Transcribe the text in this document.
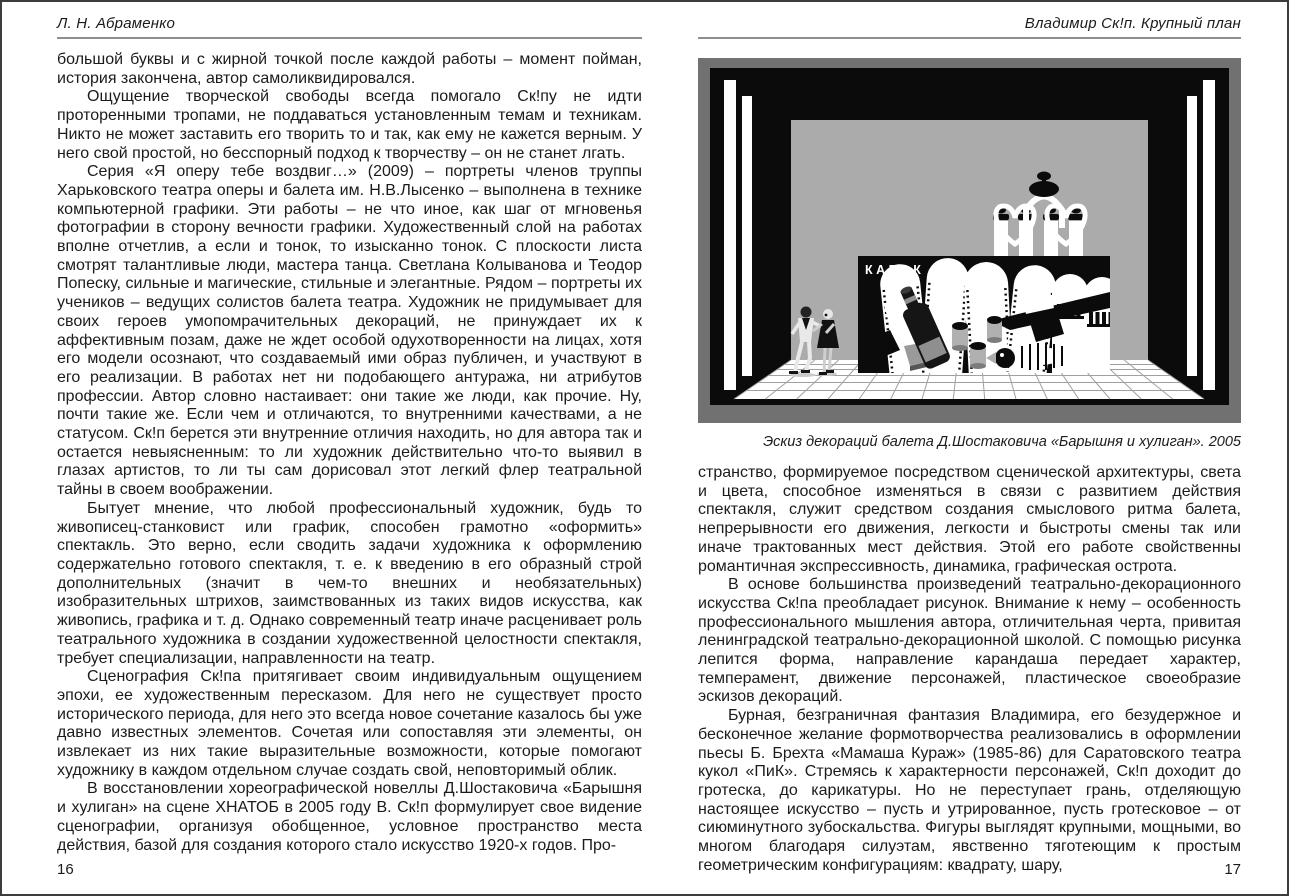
Л. Н. Абраменко

большой буквы и с жирной точкой после каждой работы – момент пойман, история закончена, автор самоликвидировался.

Ощущение творческой свободы всегда помогало Ск!пу не идти проторенными тропами, не поддаваться установленным темам и техникам. Никто не может заставить его творить то и так, как ему не кажется верным. У него свой простой, но бесспорный подход к творчеству – он не станет лгать.

Серия «Я оперу тебе воздвиг…» (2009) – портреты членов труппы Харьковского театра оперы и балета им. Н.В.Лысенко – выполнена в технике компьютерной графики. Эти работы – не что иное, как шаг от мгновенья фотографии в сторону вечности графики. Художественный слой на работах вполне отчетлив, а если и тонок, то изысканно тонок. С плоскости листа смотрят талантливые люди, мастера танца. Светлана Колыванова и Теодор Попеску, сильные и магические, стильные и элегантные. Рядом – портреты их учеников – ведущих солистов балета театра. Художник не придумывает для своих героев умопомрачительных декораций, не принуждает их к аффективным позам, даже не ждет особой одухотворенности на лицах, хотя его модели осознают, что создаваемый ими образ публичен, и участвуют в его реализации. В работах нет ни подобающего антуража, ни атрибутов профессии. Автор словно настаивает: они такие же люди, как прочие. Ну, почти такие же. Если чем и отличаются, то внутренними качествами, а не статусом. Ск!п берется эти внутренние отличия находить, но для автора так и остается невыясненным: то ли художник действительно что-то выявил в глазах артистов, то ли ты сам дорисовал этот легкий флер театральной тайны в своем воображении.

Бытует мнение, что любой профессиональный художник, будь то живописец-станковист или график, способен грамотно «оформить» спектакль. Это верно, если сводить задачи художника к оформлению содержательно готового спектакля, т. е. к введению в его образный строй дополнительных (значит в чем-то внешних и необязательных) изобразительных штрихов, заимствованных из таких видов искусства, как живопись, графика и т. д. Однако современный театр иначе расценивает роль театрального художника в создании художественной целостности спектакля, требует специализации, направленности на театр.

Сценография Ск!па притягивает своим индивидуальным ощущением эпохи, ее художественным пересказом. Для него не существует просто исторического периода, для него это всегда новое сочетание казалось бы уже давно известных элементов. Сочетая или сопоставляя эти элементы, он извлекает из них такие выразительные возможности, которые помогают художнику в каждом отдельном случае создать свой, неповторимый облик.

В восстановлении хореографической новеллы Д.Шостаковича «Барышня и хулиган» на сцене ХНАТОБ в 2005 году В. Ск!п формулирует свое видение сценографии, организуя обобщенное, условное пространство места действия, базой для создания которого стало искусство 1920-х годов. Про-

16
Владимир Ск!п. Крупный план
КАБАК
Эскиз декораций балета Д.Шостаковича «Барышня и хулиган». 2005

странство, формируемое посредством сценической архитектуры, света и цвета, способное изменяться в связи с развитием действия спектакля, служит средством создания смыслового ритма балета, непрерывности его движения, легкости и быстроты смены так или иначе трактованных мест действия. Этой его работе свойственны романтичная экспрессивность, динамика, графическая острота.

В основе большинства произведений театрально-декорационного искусства Ск!па преобладает рисунок. Внимание к нему – особенность профессионального мышления автора, отличительная черта, привитая ленинградской театрально-декорационной школой. С помощью рисунка лепится форма, направление карандаша передает характер, темперамент, движение персонажей, пластическое своеобразие эскизов декораций.

Бурная, безграничная фантазия Владимира, его безудержное и бесконечное желание формотворчества реализовались в оформлении пьесы Б. Брехта «Мамаша Кураж» (1985-86) для Саратовского театра кукол «ПиК». Стремясь к характерности персонажей, Ск!п доходит до гротеска, до карикатуры. Но не переступает грань, отделяющую настоящее искусство – пусть и утрированное, пусть гротесковое – от сиюминутного зубоскальства. Фигуры выглядят крупными, мощными, во многом благодаря силуэтам, явственно тяготеющим к простым геометрическим конфигурациям: квадрату, шару,	17
